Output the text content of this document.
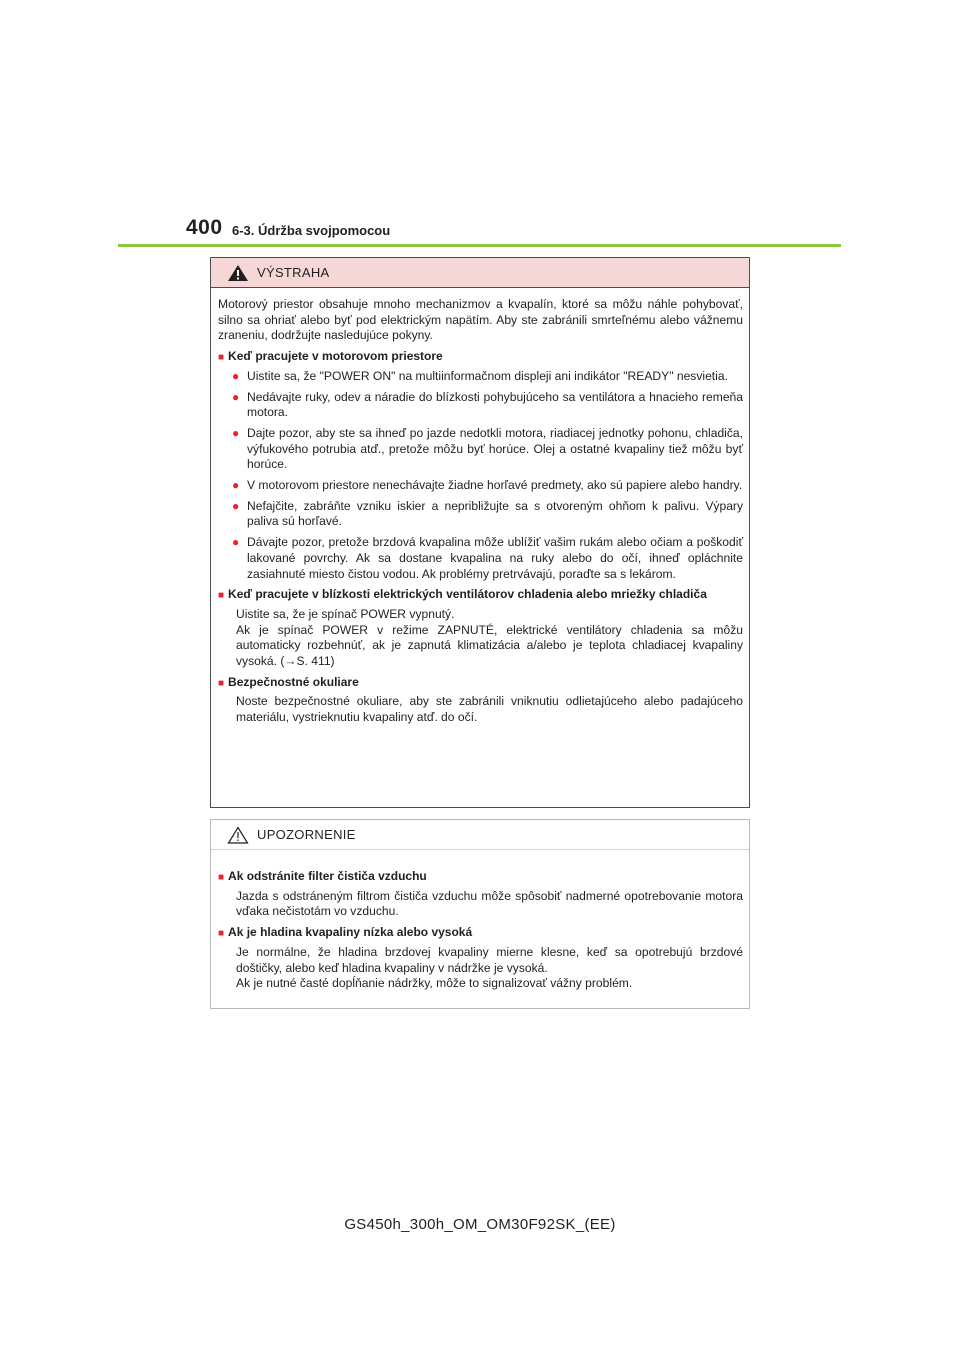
400 6-3. Údržba svojpomocou
VÝSTRAHA

Motorový priestor obsahuje mnoho mechanizmov a kvapalín, ktoré sa môžu náhle pohybovať, silno sa ohriať alebo byť pod elektrickým napätím. Aby ste zabránili smrteľnému alebo vážnemu zraneniu, dodržujte nasledujúce pokyny.

■ Keď pracujete v motorovom priestore
● Uistite sa, že "POWER ON" na multiinformačnom displeji ani indikátor "READY" nesvietia.
● Nedávajte ruky, odev a náradie do blízkosti pohybujúceho sa ventilátora a hnacieho remeňa motora.
● Dajte pozor, aby ste sa ihneď po jazde nedotkli motora, riadiacej jednotky pohonu, chladiča, výfukového potrubia atď., pretože môžu byť horúce. Olej a ostatné kvapaliny tiež môžu byť horúce.
● V motorovom priestore nenechávajte žiadne horľavé predmety, ako sú papiere alebo handry.
● Nefajčite, zabráňte vzniku iskier a nepribližujte sa s otvoreným ohňom k palivu. Výpary paliva sú horľavé.
● Dávajte pozor, pretože brzdová kvapalina môže ublížiť vašim rukám alebo očiam a poškodiť lakované povrchy. Ak sa dostane kvapalina na ruky alebo do očí, ihneď opláchnite zasiahnuté miesto čistou vodou. Ak problémy pretrvávajú, poraďte sa s lekárom.
■ Keď pracujete v blízkosti elektrických ventilátorov chladenia alebo mriežky chladiča
Uistite sa, že je spínač POWER vypnutý.
Ak je spínač POWER v režime ZAPNUTÉ, elektrické ventilátory chladenia sa môžu automaticky rozbehnúť, ak je zapnutá klimatizácia a/alebo je teplota chladiacej kvapaliny vysoká. (→S. 411)
■ Bezpečnostné okuliare
Noste bezpečnostné okuliare, aby ste zabránili vniknutiu odlietajúceho alebo padajúceho materiálu, vystrieknutiu kvapaliny atď. do očí.
UPOZORNENIE
■ Ak odstránite filter čističa vzduchu
Jazda s odstráneným filtrom čističa vzduchu môže spôsobiť nadmerné opotrebovanie motora vďaka nečistotám vo vzduchu.
■ Ak je hladina kvapaliny nízka alebo vysoká
Je normálne, že hladina brzdovej kvapaliny mierne klesne, keď sa opotrebujú brzdové doštičky, alebo keď hladina kvapaliny v nádržke je vysoká.
Ak je nutné časté dopĺňanie nádržky, môže to signalizovať vážny problém.
GS450h_300h_OM_OM30F92SK_(EE)
